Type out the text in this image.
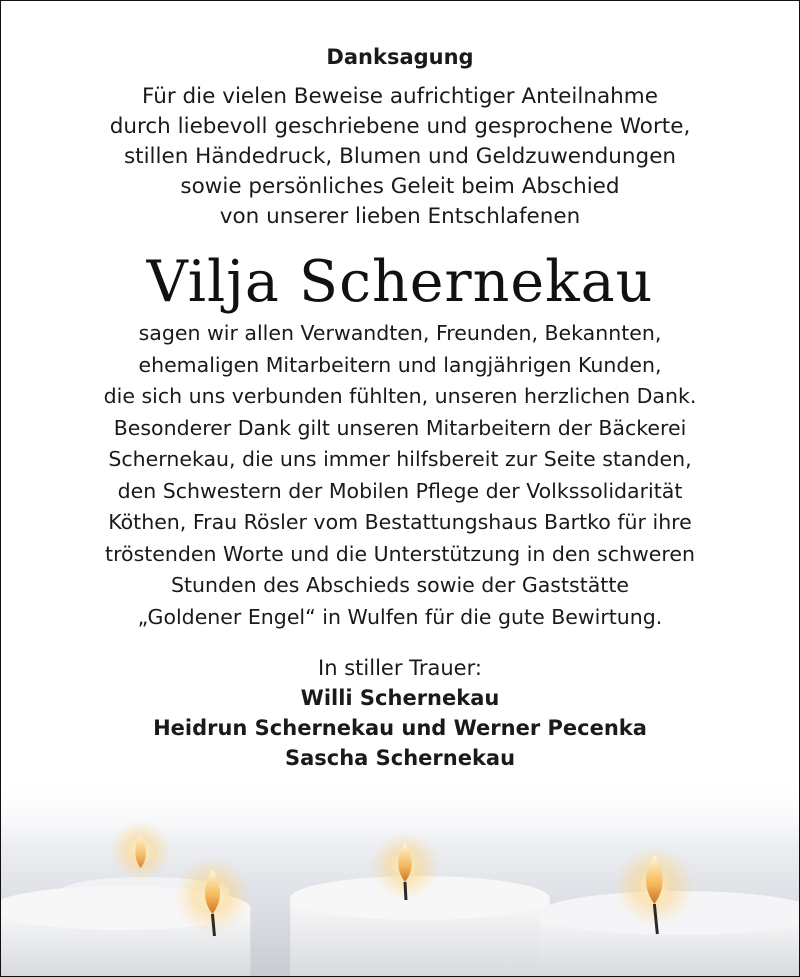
Danksagung
Für die vielen Beweise aufrichtiger Anteilnahme
durch liebevoll geschriebene und gesprochene Worte,
stillen Händedruck, Blumen und Geldzuwendungen
sowie persönliches Geleit beim Abschied
von unserer lieben Entschlafenen
Vilja Schernekau
sagen wir allen Verwandten, Freunden, Bekannten,
ehemaligen Mitarbeitern und langjährigen Kunden,
die sich uns verbunden fühlten, unseren herzlichen Dank.
Besonderer Dank gilt unseren Mitarbeitern der Bäckerei
Schernekau, die uns immer hilfsbereit zur Seite standen,
den Schwestern der Mobilen Pflege der Volkssolidarität
Köthen, Frau Rösler vom Bestattungshaus Bartko für ihre
tröstenden Worte und die Unterstützung in den schweren
Stunden des Abschieds sowie der Gaststätte
„Goldener Engel“ in Wulfen für die gute Bewirtung.
In stiller Trauer:
Willi Schernekau
Heidrun Schernekau und Werner Pecenka
Sascha Schernekau
